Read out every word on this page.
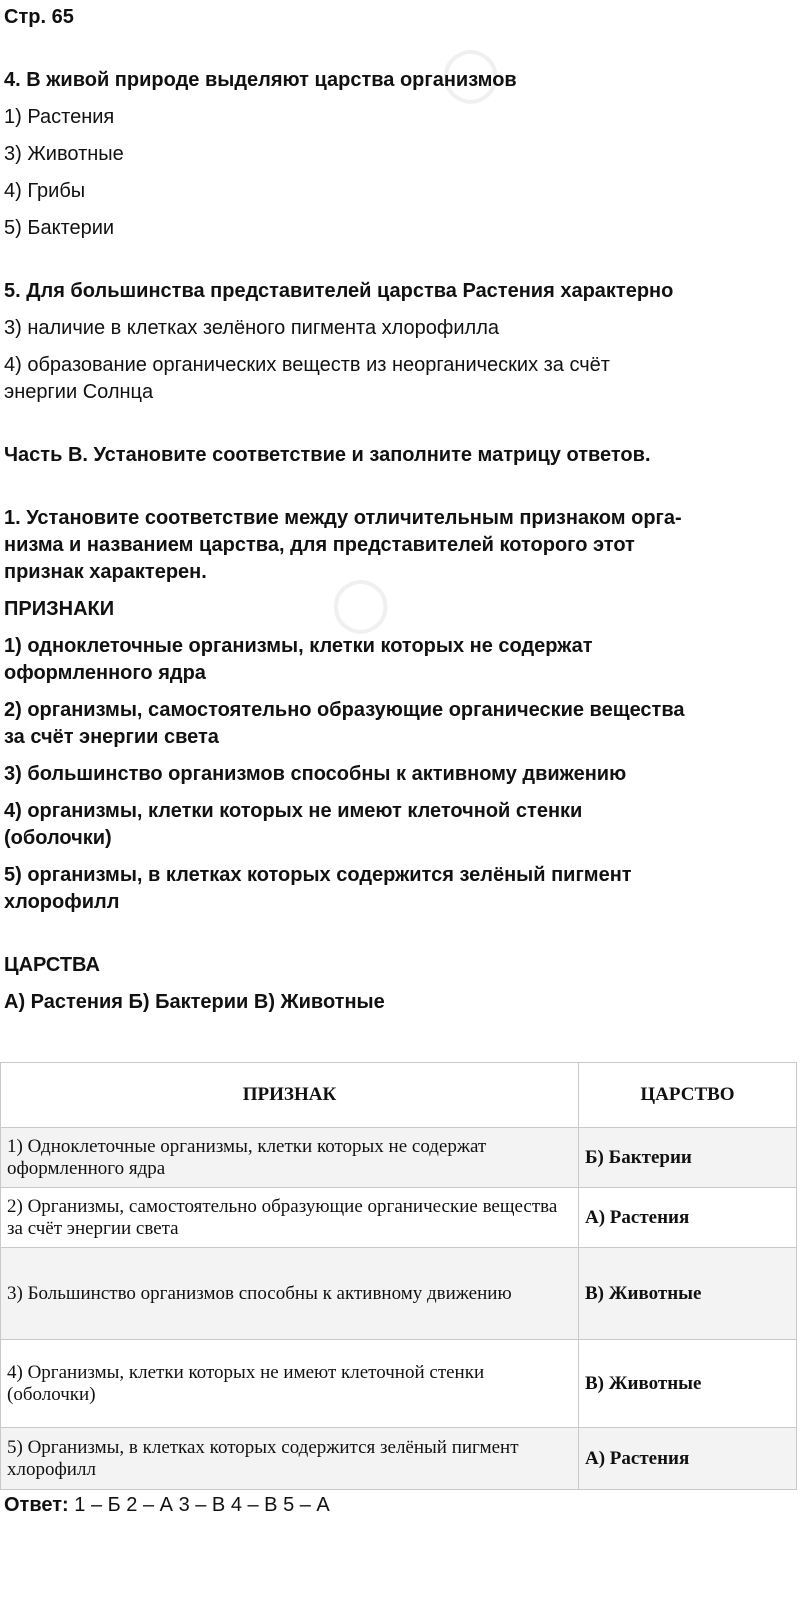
○
○

Стр. 65

4. В живой природе выделяют царства организмов

1) Растения

3) Животные

4) Грибы

5) Бактерии

5. Для большинства представителей царства Растения характерно

3) наличие в клетках зелёного пигмента хлорофилла

4) образование органических веществ из неорганических за счёт

энергии Солнца

Часть B. Установите соответствие и заполните матрицу ответов.

1. Установите соответствие между отличительным признаком орга-

низма и названием царства, для представителей которого этот

признак характерен.

ПРИЗНАКИ

1) одноклеточные организмы, клетки которых не содержат

оформленного ядра

2) организмы, самостоятельно образующие органические вещества

за счёт энергии света

3) большинство организмов способны к активному движению

4) организмы, клетки которых не имеют клеточной стенки

(оболочки)

5) организмы, в клетках которых содержится зелёный пигмент

хлорофилл

ЦАРСТВА

А) Растения Б) Бактерии В) Животные

ПРИЗНАК	ЦАРСТВО
1) Одноклеточные организмы, клетки которых не содержат оформленного ядра	Б) Бактерии
2) Организмы, самостоятельно образующие органические вещества за счёт энергии света	А) Растения
3) Большинство организмов способны к активному движению	В) Животные
4) Организмы, клетки которых не имеют клеточной стенки (оболочки)	В) Животные
5) Организмы, в клетках которых содержится зелёный пигмент хлорофилл	А) Растения

Ответ: 1 – Б 2 – А 3 – В 4 – В 5 – А
